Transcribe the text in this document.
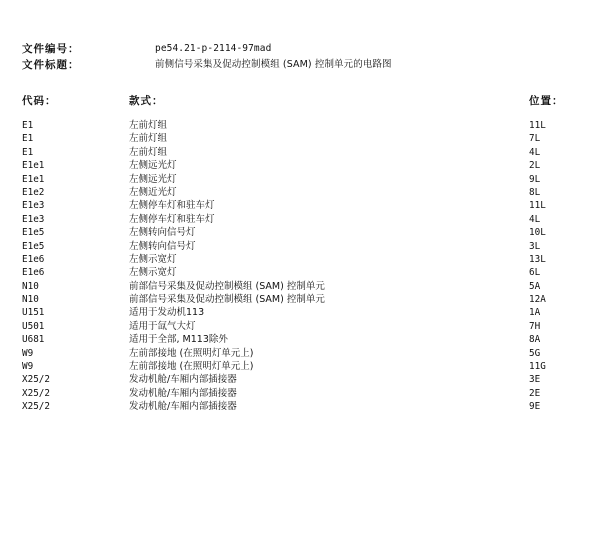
文件编号：	pe54.21-p-2114-97mad
文件标题：	前侧信号采集及促动控制模组 (SAM) 控制单元的电路图
代码：	款式：	位置：
E1	左前灯组	11L
E1	左前灯组	7L
E1	左前灯组	4L
E1e1	左侧远光灯	2L
E1e1	左侧远光灯	9L
E1e2	左侧近光灯	8L
E1e3	左侧停车灯和驻车灯	11L
E1e3	左侧停车灯和驻车灯	4L
E1e5	左侧转向信号灯	10L
E1e5	左侧转向信号灯	3L
E1e6	左侧示宽灯	13L
E1e6	左侧示宽灯	6L
N10	前部信号采集及促动控制模组 (SAM) 控制单元	5A
N10	前部信号采集及促动控制模组 (SAM) 控制单元	12A
U151	适用于发动机113	1A
U501	适用于氙气大灯	7H
U681	适用于全部, M113除外	8A
W9	左前部接地 (在照明灯单元上)	5G
W9	左前部接地 (在照明灯单元上)	11G
X25/2	发动机舱/车厢内部插接器	3E
X25/2	发动机舱/车厢内部插接器	2E
X25/2	发动机舱/车厢内部插接器	9E
